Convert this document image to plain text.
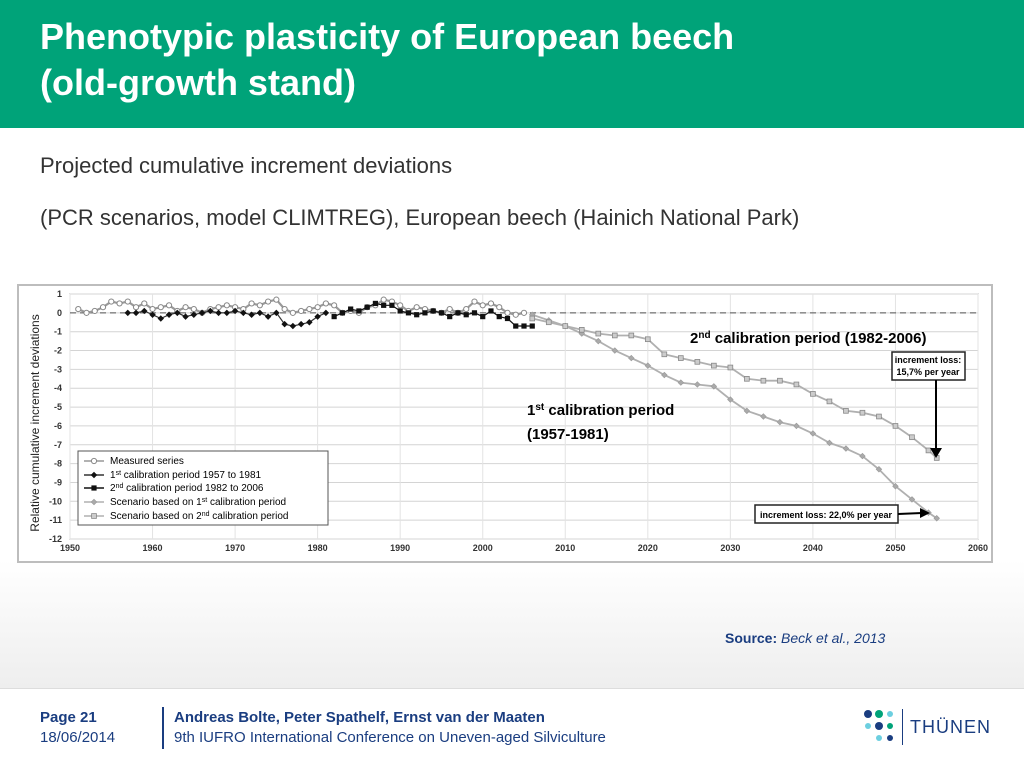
Phenotypic plasticity of European beech
(old-growth stand)
Projected cumulative increment deviations
(PCR scenarios, model CLIMTREG), European beech (Hainich National Park)
1
0
-1
-2
-3
-4
-5
-6
-7
-8
-9
-10
-11
-12
1950	1960	1970	1980	1990	2000	2010	2020	2030	2040	2050	2060
Relative cumulative increment deviations	Measured series
1st calibration period 1957 to 1981
2nd calibration period 1982 to 2006
Scenario based on 1st calibration period
Scenario based on 2nd calibration period
2nd calibration period (1982-2006)
1st calibration period
(1957-1981)
increment loss:
15,7% per year
increment loss: 22,0% per year
Source: Beck et al., 2013
Page 21
18/06/2014
Andreas Bolte, Peter Spathelf, Ernst van der Maaten
9th IUFRO International Conference on Uneven-aged Silviculture
THÜNEN
